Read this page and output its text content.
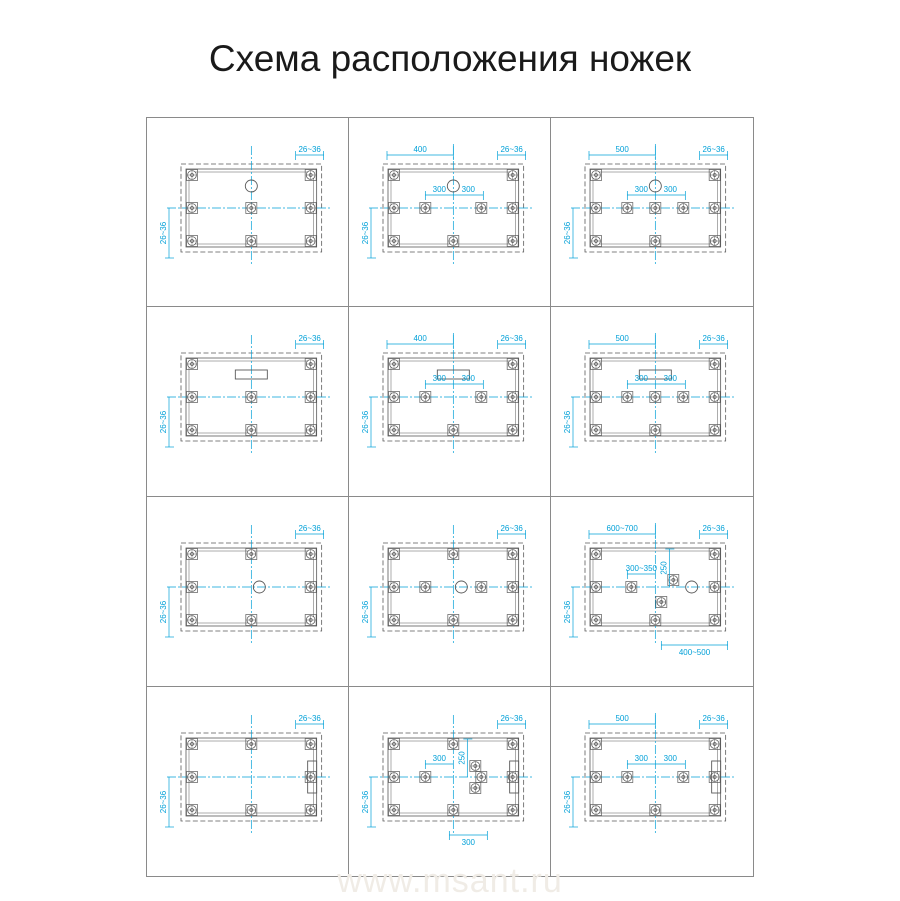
Схема расположения ножек
26~36
26~36
400	26~36
300 300
26~36
500	26~36
300 300
26~36
26~36
26~36
400	26~36
300 300
26~36
500	26~36
300 300
26~36
26~36
26~36
26~36
26~36
600~700	26~36
300~350 250
26~36
400~500
26~36
26~36
26~36
300 250
26~36
300
500	26~36
300 300
26~36
www.msant.ru
